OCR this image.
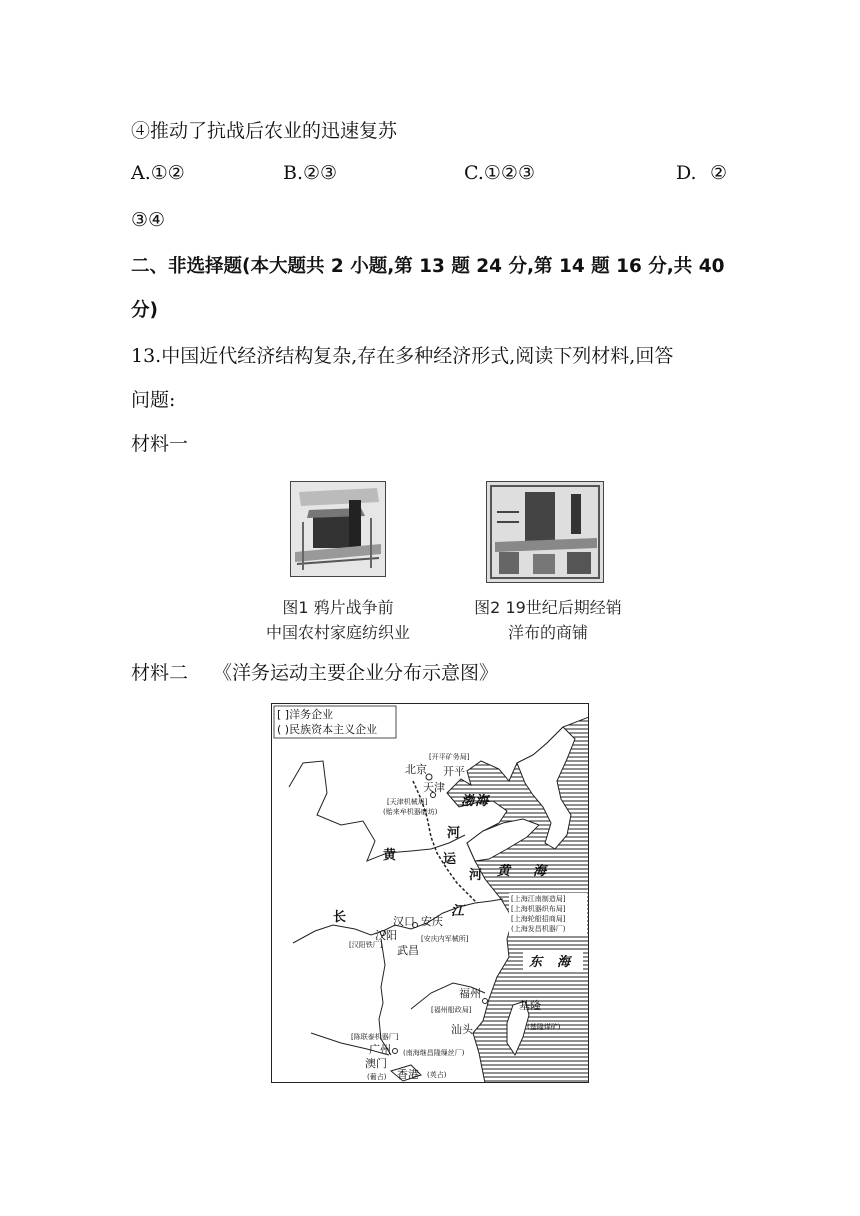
④推动了抗战后农业的迅速复苏
A.①②	B.②③	C.①②③	D. ②
③④
二、非选择题(本大题共 2 小题,第 13 题 24 分,第 14 题 16 分,共 40
分)
13.中国近代经济结构复杂,存在多种经济形式,阅读下列材料,回答
问题:
材料一
图1 鸦片战争前
中国农村家庭纺织业
图2 19世纪后期经销
洋布的商铺
材料二 《洋务运动主要企业分布示意图》
[ ]洋务企业
( )民族资本主义企业
北京 开平
[开平矿务局]
天津
[天津机械局]
(贻来牟机器磨坊)
渤 海
河
运
河
黄
黄 海
长	江
汉口 安庆
汉阳
武昌
[汉阳铁厂]
[安庆内军械所]
[上海江南制造局]
[上海机器织布局]
[上海轮船招商局]
(上海发昌机器厂)
东 海
福州
[福州船政局]	基隆
(基隆煤矿)
汕头
[陈联泰机器厂]
广州 (南海继昌隆缫丝厂)
澳门
香港
(葡占)	(英占)
